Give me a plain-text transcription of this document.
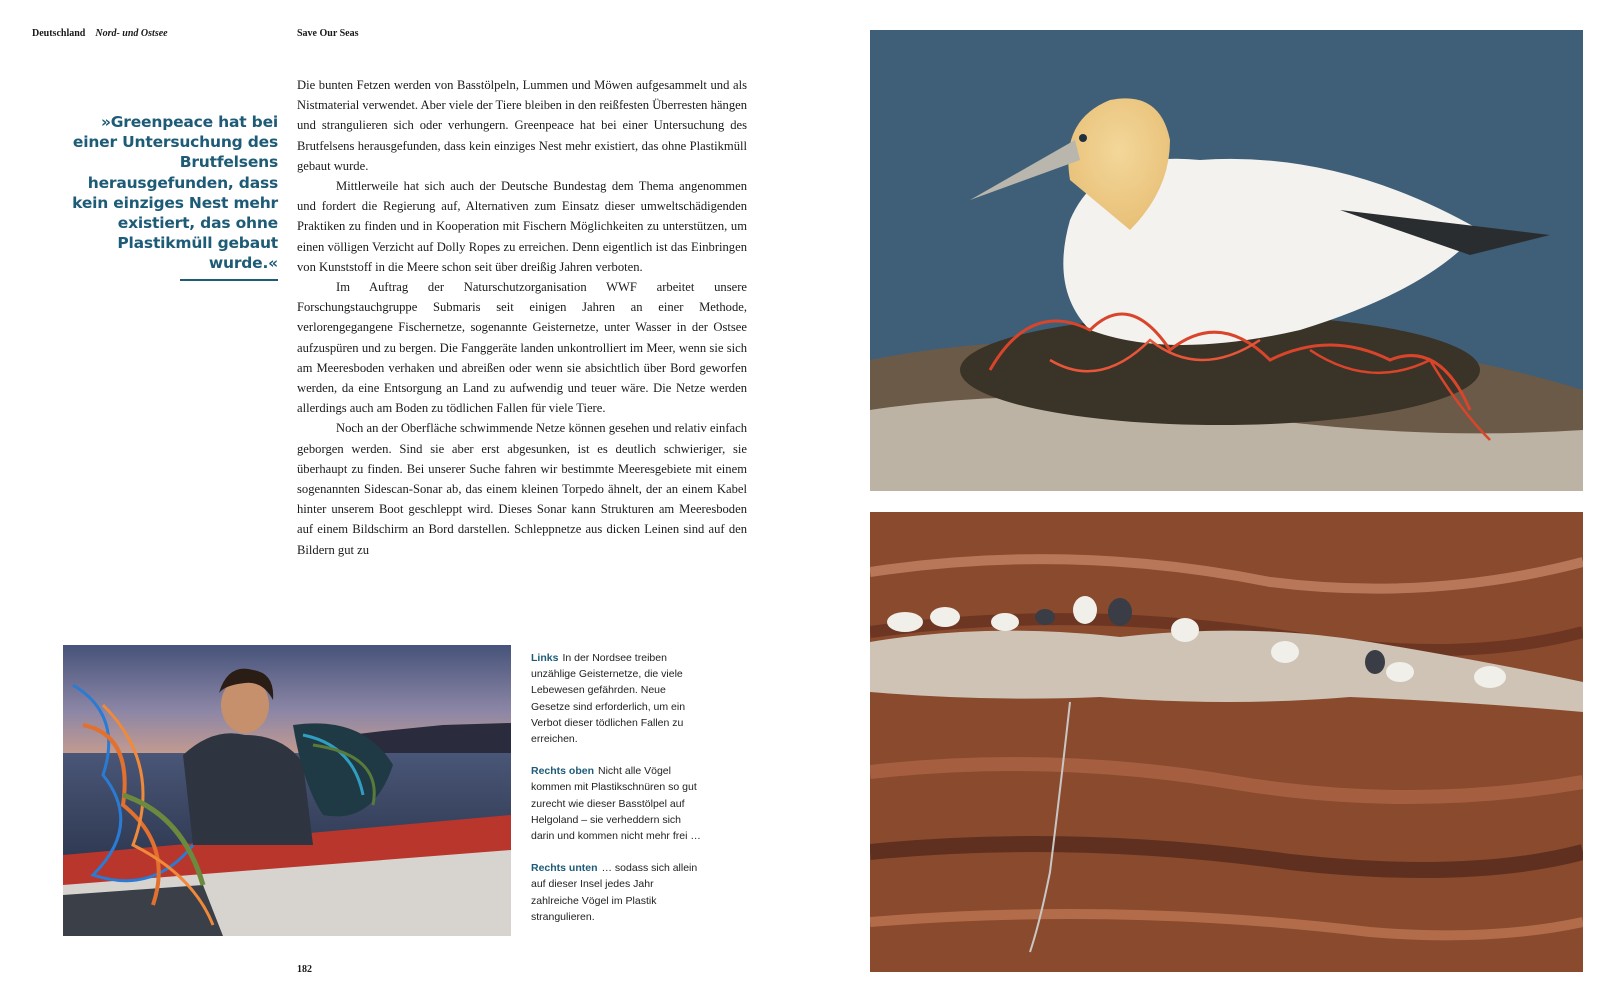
Deutschland Nord- und Ostsee	Save Our Seas
»Greenpeace hat bei einer Untersuchung des Brutfelsens herausgefunden, dass kein einziges Nest mehr existiert, das ohne Plastikmüll gebaut wurde.«

Die bunten Fetzen werden von Basstölpeln, Lummen und Möwen aufgesammelt und als Nistmaterial verwendet. Aber viele der Tiere bleiben in den reißfesten Überresten hängen und strangulieren sich oder verhungern. Greenpeace hat bei einer Untersuchung des Brutfelsens herausgefunden, dass kein einziges Nest mehr existiert, das ohne Plastikmüll gebaut wurde.

Mittlerweile hat sich auch der Deutsche Bundestag dem Thema angenommen und fordert die Regierung auf, Alternativen zum Einsatz dieser umweltschädigenden Praktiken zu finden und in Kooperation mit Fischern Möglichkeiten zu unterstützen, um einen völligen Verzicht auf Dolly Ropes zu erreichen. Denn eigentlich ist das Einbringen von Kunststoff in die Meere schon seit über dreißig Jahren verboten.

Im Auftrag der Naturschutzorganisation WWF arbeitet unsere Forschungstauchgruppe Submaris seit einigen Jahren an einer Methode, verlorengegangene Fischernetze, sogenannte Geisternetze, unter Wasser in der Ostsee aufzuspüren und zu bergen. Die Fanggeräte landen unkontrolliert im Meer, wenn sie sich am Meeresboden verhaken und abreißen oder wenn sie absichtlich über Bord geworfen werden, da eine Entsorgung an Land zu aufwendig und teuer wäre. Die Netze werden allerdings auch am Boden zu tödlichen Fallen für viele Tiere.

Noch an der Oberfläche schwimmende Netze können gesehen und relativ einfach geborgen werden. Sind sie aber erst abgesunken, ist es deutlich schwieriger, sie überhaupt zu finden. Bei unserer Suche fahren wir bestimmte Meeresgebiete mit einem sogenannten Sidescan-Sonar ab, das einem kleinen Torpedo ähnelt, der an einem Kabel hinter unserem Boot geschleppt wird. Dieses Sonar kann Strukturen am Meeresboden auf einem Bildschirm an Bord darstellen. Schleppnetze aus dicken Leinen sind auf den Bildern gut zu

Links In der Nordsee treiben unzählige Geisternetze, die viele Lebewesen gefährden. Neue Gesetze sind erforderlich, um ein Verbot dieser tödlichen Fallen zu erreichen.

Rechts oben Nicht alle Vögel kommen mit Plastikschnüren so gut zurecht wie dieser Basstölpel auf Helgoland – sie verheddern sich darin und kommen nicht mehr frei …

Rechts unten … sodass sich allein auf dieser Insel jedes Jahr zahlreiche Vögel im Plastik strangulieren.

182
